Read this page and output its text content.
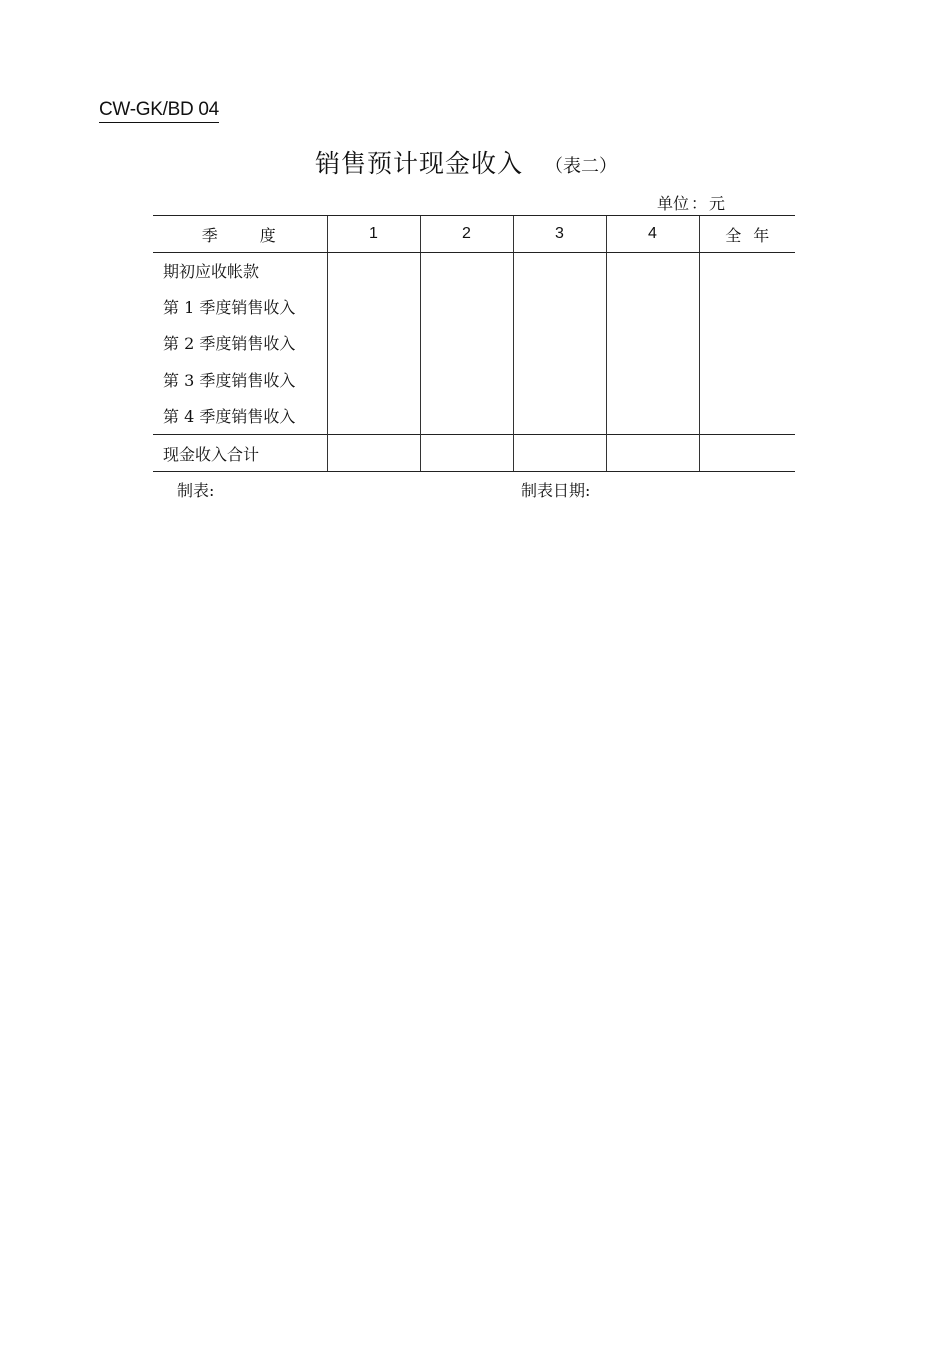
CW-GK/BD 04
销售预计现金收入 （表二）
单位 ： 元
季 度	1	2	3	4	全 年
期初应收帐款					
第 1 季度销售收入					
第 2 季度销售收入					
第 3 季度销售收入					
第 4 季度销售收入					
现金收入合计					
制表:	制表日期:
